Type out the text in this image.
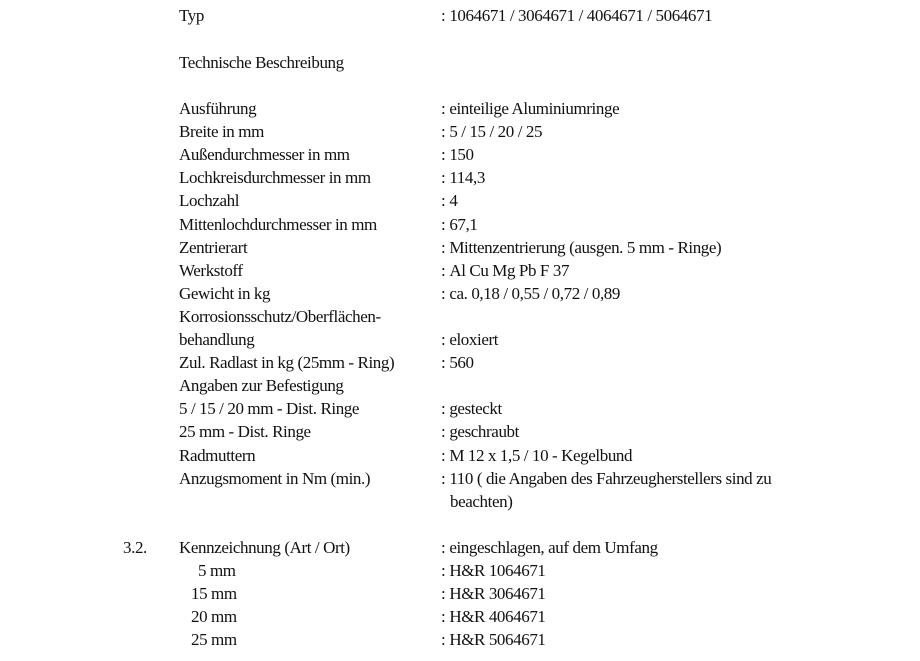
Typ	: 1064671 / 3064671 / 4064671 / 5064671
Technische Beschreibung
Ausführung	: einteilige Aluminiumringe
Breite in mm	: 5 / 15 / 20 / 25
Außendurchmesser in mm	: 150
Lochkreisdurchmesser in mm	: 114,3
Lochzahl	: 4
Mittenlochdurchmesser in mm	: 67,1
Zentrierart	: Mittenzentrierung (ausgen. 5 mm - Ringe)
Werkstoff	: Al Cu Mg Pb F 37
Gewicht in kg	: ca. 0,18 / 0,55 / 0,72 / 0,89
Korrosionsschutz/Oberflächen-
behandlung	: eloxiert
Zul. Radlast in kg (25mm - Ring)	: 560
Angaben zur Befestigung
5 / 15 / 20 mm - Dist. Ringe	: gesteckt
25 mm - Dist. Ringe	: geschraubt
Radmuttern	: M 12 x 1,5 / 10 - Kegelbund
Anzugsmoment in Nm (min.)	: 110 ( die Angaben des Fahrzeugherstellers sind zu
beachten)
3.2. Kennzeichnung (Art / Ort)	: eingeschlagen, auf dem Umfang
5 mm	: H&R 1064671
15 mm	: H&R 3064671
20 mm	: H&R 4064671
25 mm	: H&R 5064671
